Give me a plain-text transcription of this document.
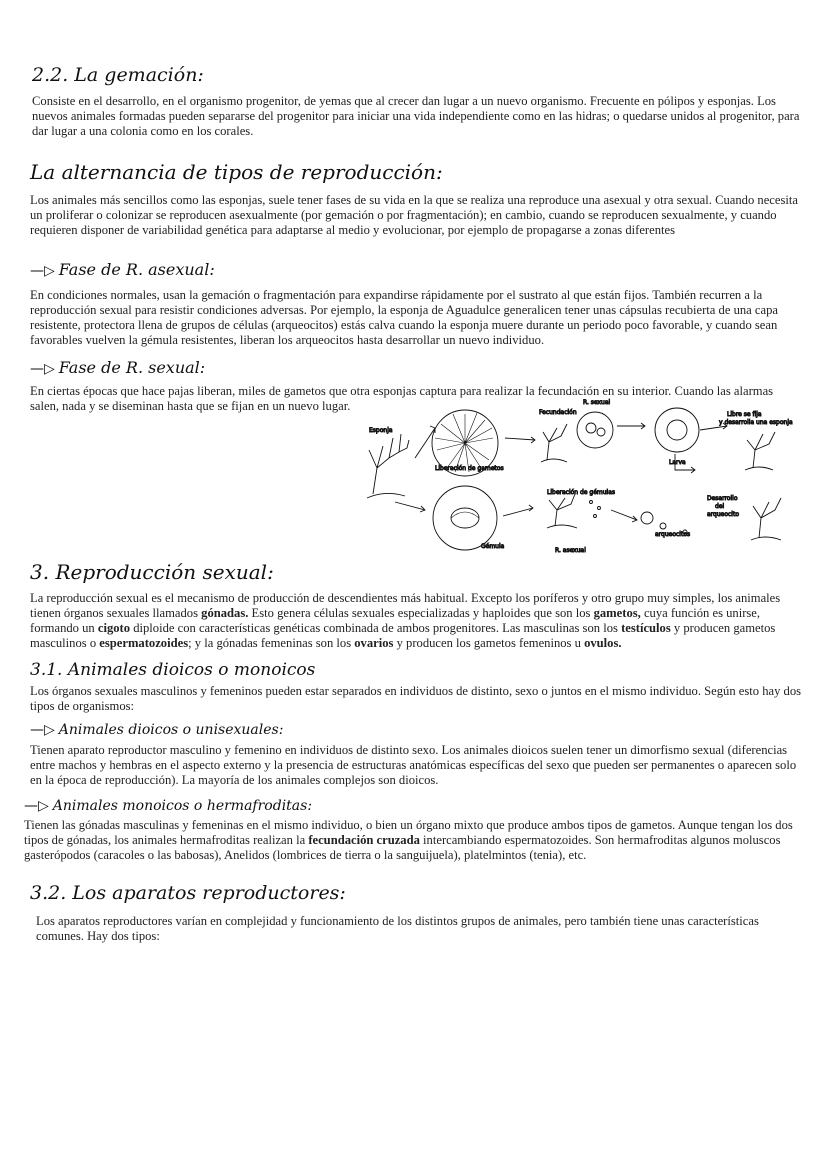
2.2. La gemación:

Consiste en el desarrollo, en el organismo progenitor, de yemas que al crecer dan lugar a un nuevo organismo. Frecuente en pólipos y esponjas. Los nuevos animales formadas pueden separarse del progenitor para iniciar una vida independiente como en las hidras; o quedarse unidos al progenitor, para dar lugar a una colonia como en los corales.

La alternancia de tipos de reproducción:

Los animales más sencillos como las esponjas, suele tener fases de su vida en la que se realiza una reproduce una asexual y otra sexual. Cuando necesita un proliferar o colonizar se reproducen asexualmente (por gemación o por fragmentación); en cambio, cuando se reproducen sexualmente, y cuando requieren disponer de variabilidad genética para adaptarse al medio y evolucionar, por ejemplo de propagarse a zonas diferentes

—▷ Fase de R. asexual:

En condiciones normales, usan la gemación o fragmentación para expandirse rápidamente por el sustrato al que están fijos. También recurren a la reproducción sexual para resistir condiciones adversas. Por ejemplo, la esponja de Aguadulce generalicen tener unas cápsulas recubierta de una capa resistente, protectora llena de grupos de células (arqueocitos) estás calva cuando la esponja muere durante un periodo poco favorable, y cuando sean favorables vuelven la gémula resistentes, liberan los arqueocitos hasta desarrollar un nuevo individuo.

—▷ Fase de R. sexual:

En ciertas épocas que hace pajas liberan, miles de gametos que otra esponjas captura para realizar la fecundación en su interior. Cuando las alarmas salen, nada y se diseminan hasta que se fijan en un nuevo lugar.

Esponja
Liberación de gametos
Fecundación
R. sexual
Larva
Libre se fija
y desarrolla una esponja
Gémula
Liberación de gémulas
arqueocitos
Desarrollo
del
arqueocito
R. asexual
3. Reproducción sexual:

La reproducción sexual es el mecanismo de producción de descendientes más habitual. Excepto los poríferos y otro grupo muy simples, los animales tienen órganos sexuales llamados gónadas. Esto genera células sexuales especializadas y haploides que son los gametos, cuya función es unirse, formando un cigoto diploide con características genéticas combinada de ambos progenitores. Las masculinas son los testículos y producen gametos masculinos o espermatozoides; y la gónadas femeninas son los ovarios y producen los gametos femeninos u ovulos.

3.1. Animales dioicos o monoicos

Los órganos sexuales masculinos y femeninos pueden estar separados en individuos de distinto, sexo o juntos en el mismo individuo. Según esto hay dos tipos de organismos:

—▷ Animales dioicos o unisexuales:

Tienen aparato reproductor masculino y femenino en individuos de distinto sexo. Los animales dioicos suelen tener un dimorfismo sexual (diferencias entre machos y hembras en el aspecto externo y la presencia de estructuras anatómicas específicas del sexo que pueden ser permanentes o aparecen solo en la época de reproducción). La mayoría de los animales complejos son dioicos.

—▷ Animales monoicos o hermafroditas:

Tienen las gónadas masculinas y femeninas en el mismo individuo, o bien un órgano mixto que produce ambos tipos de gametos. Aunque tengan los dos tipos de gónadas, los animales hermafroditas realizan la fecundación cruzada intercambiando espermatozoides. Son hermafroditas algunos moluscos gasterópodos (caracoles o las babosas), Anelidos (lombrices de tierra o la sanguijuela), platelmintos (tenia), etc.

3.2. Los aparatos reproductores:

Los aparatos reproductores varían en complejidad y funcionamiento de los distintos grupos de animales, pero también tiene unas características comunes. Hay dos tipos:
